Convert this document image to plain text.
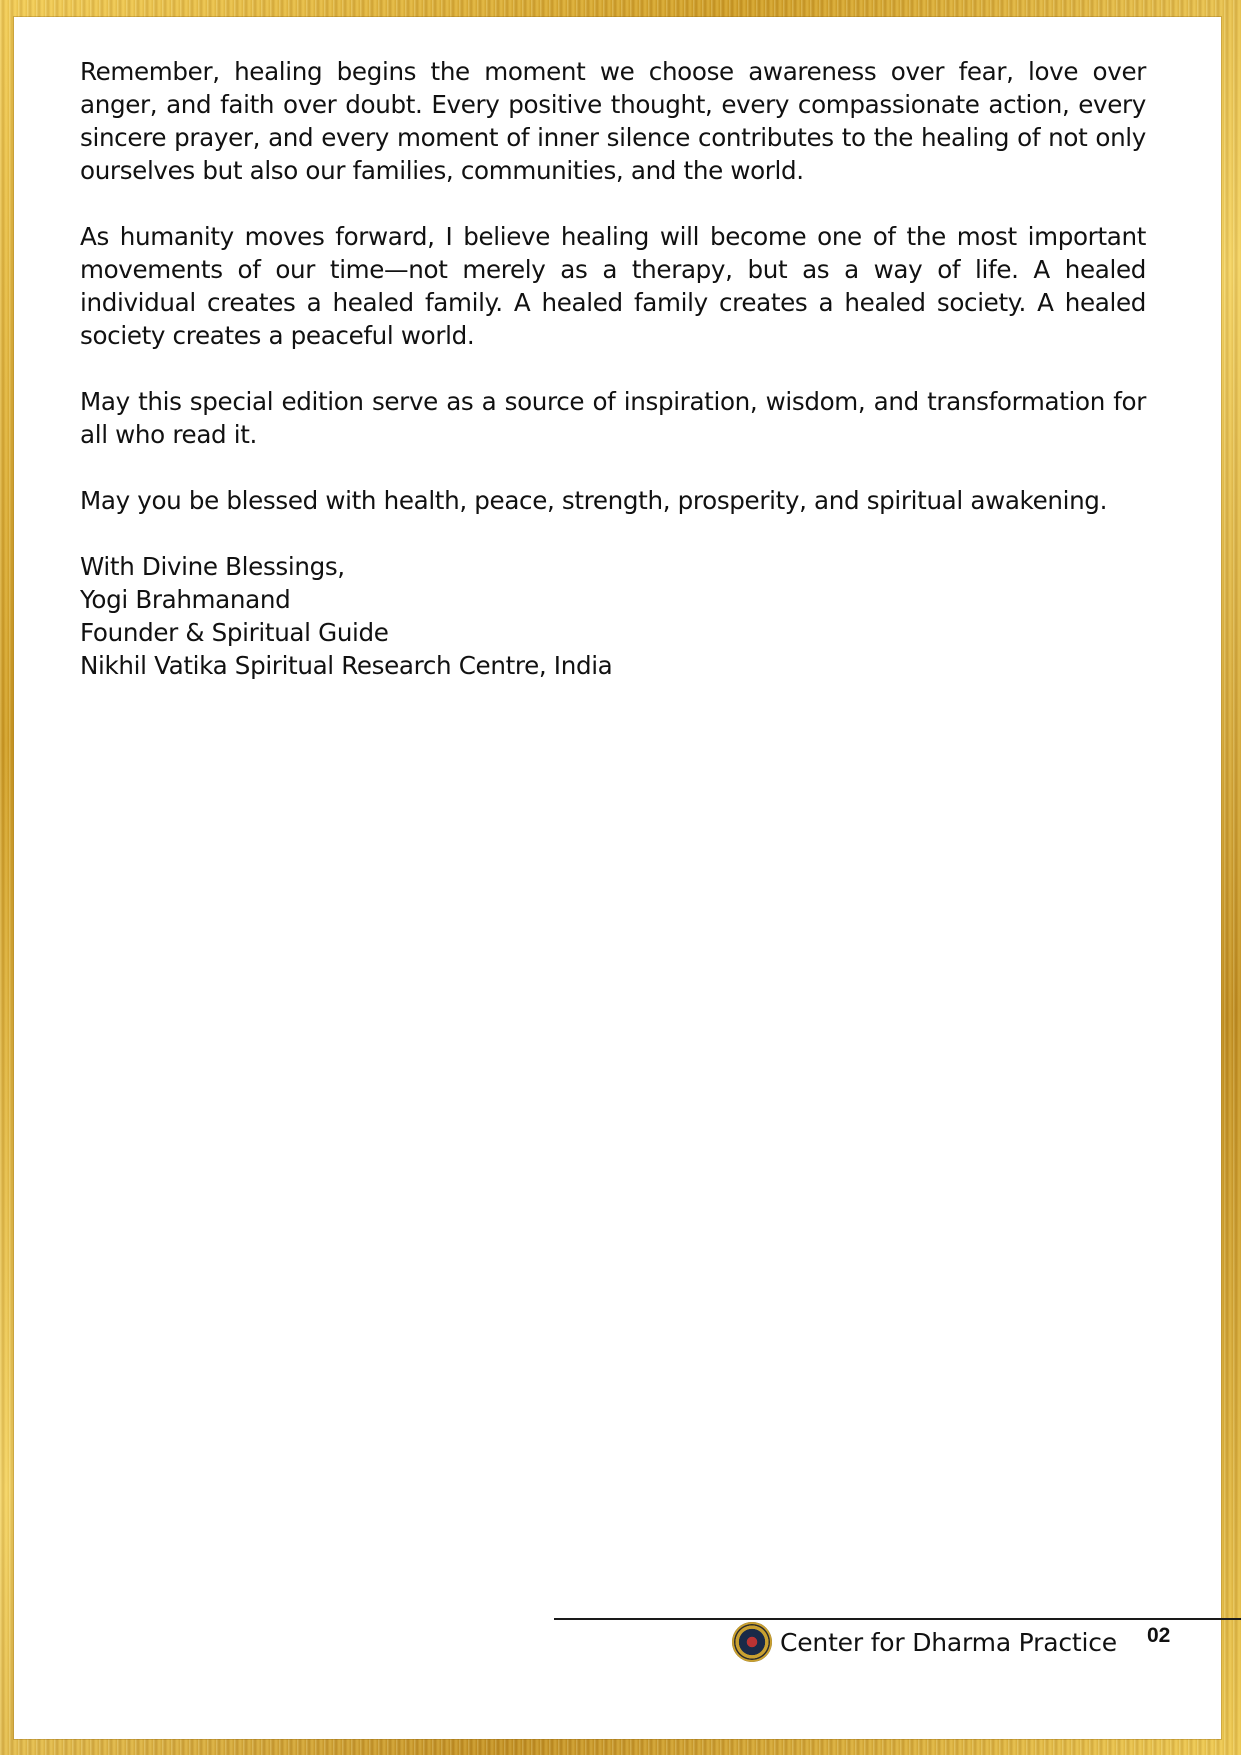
Remember, healing begins the moment we choose awareness over fear, love over anger, and faith over doubt. Every positive thought, every compassionate action, every sincere prayer, and every moment of inner silence contributes to the healing of not only ourselves but also our families, communities, and the world.

As humanity moves forward, I believe healing will become one of the most important movements of our time—not merely as a therapy, but as a way of life. A healed individual creates a healed family. A healed family creates a healed society. A healed society creates a peaceful world.

May this special edition serve as a source of inspiration, wisdom, and transformation for all who read it.

May you be blessed with health, peace, strength, prosperity, and spiritual awakening.

With Divine Blessings,

Yogi Brahmanand

Founder & Spiritual Guide

Nikhil Vatika Spiritual Research Centre, India

Center for Dharma Practice 02
